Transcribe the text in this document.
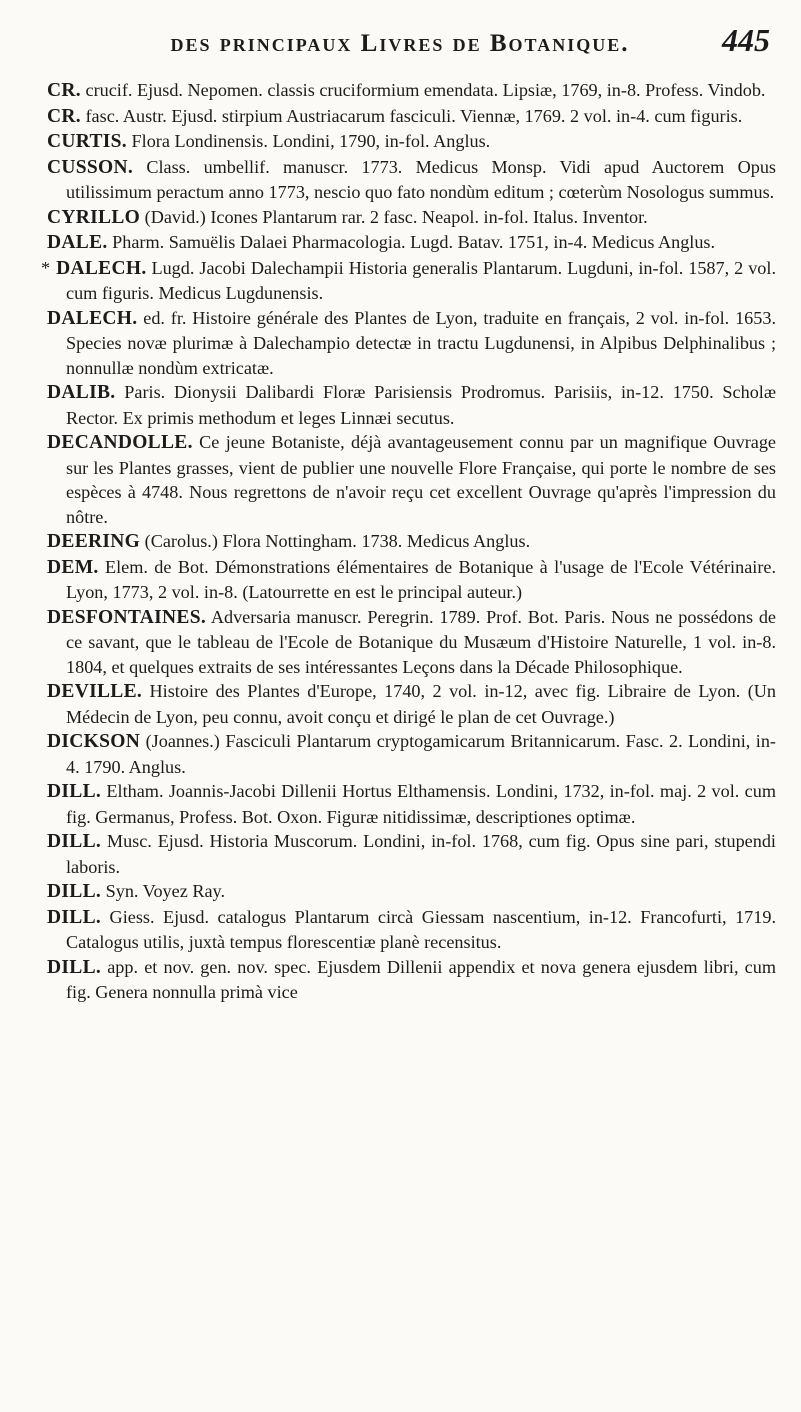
des principaux Livres de Botanique.	445

CR. crucif. Ejusd. Nepomen. classis cruciformium emendata. Lipsiæ, 1769, in-8. Profess. Vindob.

CR. fasc. Austr. Ejusd. stirpium Austriacarum fasciculi. Viennæ, 1769. 2 vol. in-4. cum figuris.

CURTIS. Flora Londinensis. Londini, 1790, in-fol. Anglus.

CUSSON. Class. umbellif. manuscr. 1773. Medicus Monsp. Vidi apud Auctorem Opus utilissimum peractum anno 1773, nescio quo fato nondùm editum ; cœterùm Nosologus summus.

CYRILLO (David.) Icones Plantarum rar. 2 fasc. Neapol. in-fol. Italus. Inventor.

DALE. Pharm. Samuëlis Dalaei Pharmacologia. Lugd. Batav. 1751, in-4. Medicus Anglus.

* DALECH. Lugd. Jacobi Dalechampii Historia generalis Plantarum. Lugduni, in-fol. 1587, 2 vol. cum figuris. Medicus Lugdunensis.

DALECH. ed. fr. Histoire générale des Plantes de Lyon, traduite en français, 2 vol. in-fol. 1653. Species novæ plurimæ à Dalechampio detectæ in tractu Lugdunensi, in Alpibus Delphinalibus ; nonnullæ nondùm extricatæ.

DALIB. Paris. Dionysii Dalibardi Floræ Parisiensis Prodromus. Parisiis, in-12. 1750. Scholæ Rector. Ex primis methodum et leges Linnæi secutus.

DECANDOLLE. Ce jeune Botaniste, déjà avantageusement connu par un magnifique Ouvrage sur les Plantes grasses, vient de publier une nouvelle Flore Française, qui porte le nombre de ses espèces à 4748. Nous regrettons de n'avoir reçu cet excellent Ouvrage qu'après l'impression du nôtre.

DEERING (Carolus.) Flora Nottingham. 1738. Medicus Anglus.

DEM. Elem. de Bot. Démonstrations élémentaires de Botanique à l'usage de l'Ecole Vétérinaire. Lyon, 1773, 2 vol. in-8. (Latourrette en est le principal auteur.)

DESFONTAINES. Adversaria manuscr. Peregrin. 1789. Prof. Bot. Paris. Nous ne possédons de ce savant, que le tableau de l'Ecole de Botanique du Musæum d'Histoire Naturelle, 1 vol. in-8. 1804, et quelques extraits de ses intéressantes Leçons dans la Décade Philosophique.

DEVILLE. Histoire des Plantes d'Europe, 1740, 2 vol. in-12, avec fig. Libraire de Lyon. (Un Médecin de Lyon, peu connu, avoit conçu et dirigé le plan de cet Ouvrage.)

DICKSON (Joannes.) Fasciculi Plantarum cryptogamicarum Britannicarum. Fasc. 2. Londini, in-4. 1790. Anglus.

DILL. Eltham. Joannis-Jacobi Dillenii Hortus Elthamensis. Londini, 1732, in-fol. maj. 2 vol. cum fig. Germanus, Profess. Bot. Oxon. Figuræ nitidissimæ, descriptiones optimæ.

DILL. Musc. Ejusd. Historia Muscorum. Londini, in-fol. 1768, cum fig. Opus sine pari, stupendi laboris.

DILL. Syn. Voyez Ray.

DILL. Giess. Ejusd. catalogus Plantarum circà Giessam nascentium, in-12. Francofurti, 1719. Catalogus utilis, juxtà tempus florescentiæ planè recensitus.

DILL. app. et nov. gen. nov. spec. Ejusdem Dillenii appendix et nova genera ejusdem libri, cum fig. Genera nonnulla primà vice
